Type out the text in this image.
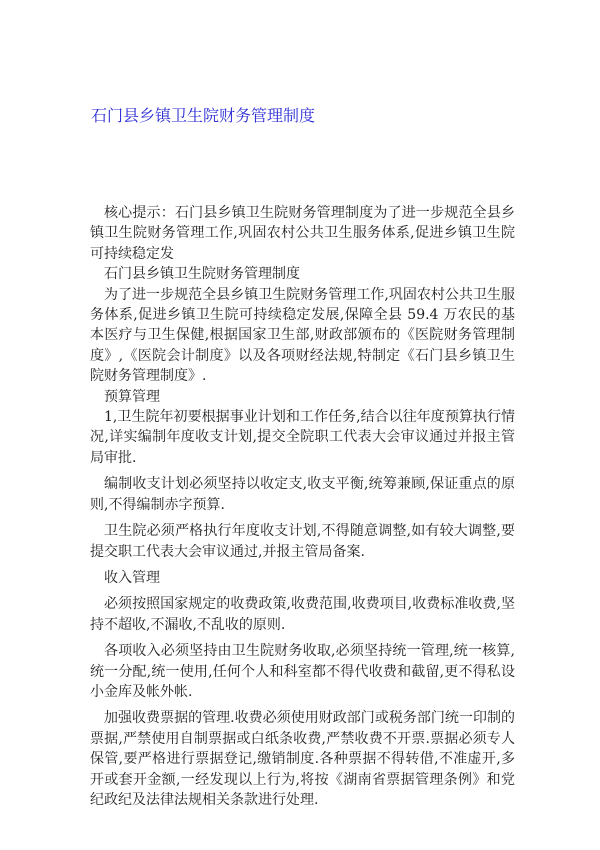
石门县乡镇卫生院财务管理制度

核心提示：石门县乡镇卫生院财务管理制度为了进一步规范全县乡镇卫生院财务管理工作,巩固农村公共卫生服务体系,促进乡镇卫生院可持续稳定发

石门县乡镇卫生院财务管理制度

为了进一步规范全县乡镇卫生院财务管理工作,巩固农村公共卫生服务体系,促进乡镇卫生院可持续稳定发展,保障全县 59.4 万农民的基本医疗与卫生保健,根据国家卫生部,财政部颁布的《医院财务管理制度》,《医院会计制度》以及各项财经法规,特制定《石门县乡镇卫生院财务管理制度》.

预算管理

1,卫生院年初要根据事业计划和工作任务,结合以往年度预算执行情况,详实编制年度收支计划,提交全院职工代表大会审议通过并报主管局审批.

编制收支计划必须坚持以收定支,收支平衡,统筹兼顾,保证重点的原则,不得编制赤字预算.

卫生院必须严格执行年度收支计划,不得随意调整,如有较大调整,要提交职工代表大会审议通过,并报主管局备案.

收入管理

必须按照国家规定的收费政策,收费范围,收费项目,收费标准收费,坚持不超收,不漏收,不乱收的原则.

各项收入必须坚持由卫生院财务收取,必须坚持统一管理,统一核算,统一分配,统一使用,任何个人和科室都不得代收费和截留,更不得私设小金库及帐外帐.

加强收费票据的管理.收费必须使用财政部门或税务部门统一印制的票据,严禁使用自制票据或白纸条收费,严禁收费不开票.票据必须专人保管,要严格进行票据登记,缴销制度.各种票据不得转借,不准虚开,多开或套开金额,一经发现以上行为,将按《湖南省票据管理条例》和党纪政纪及法律法规相关条款进行处理.
